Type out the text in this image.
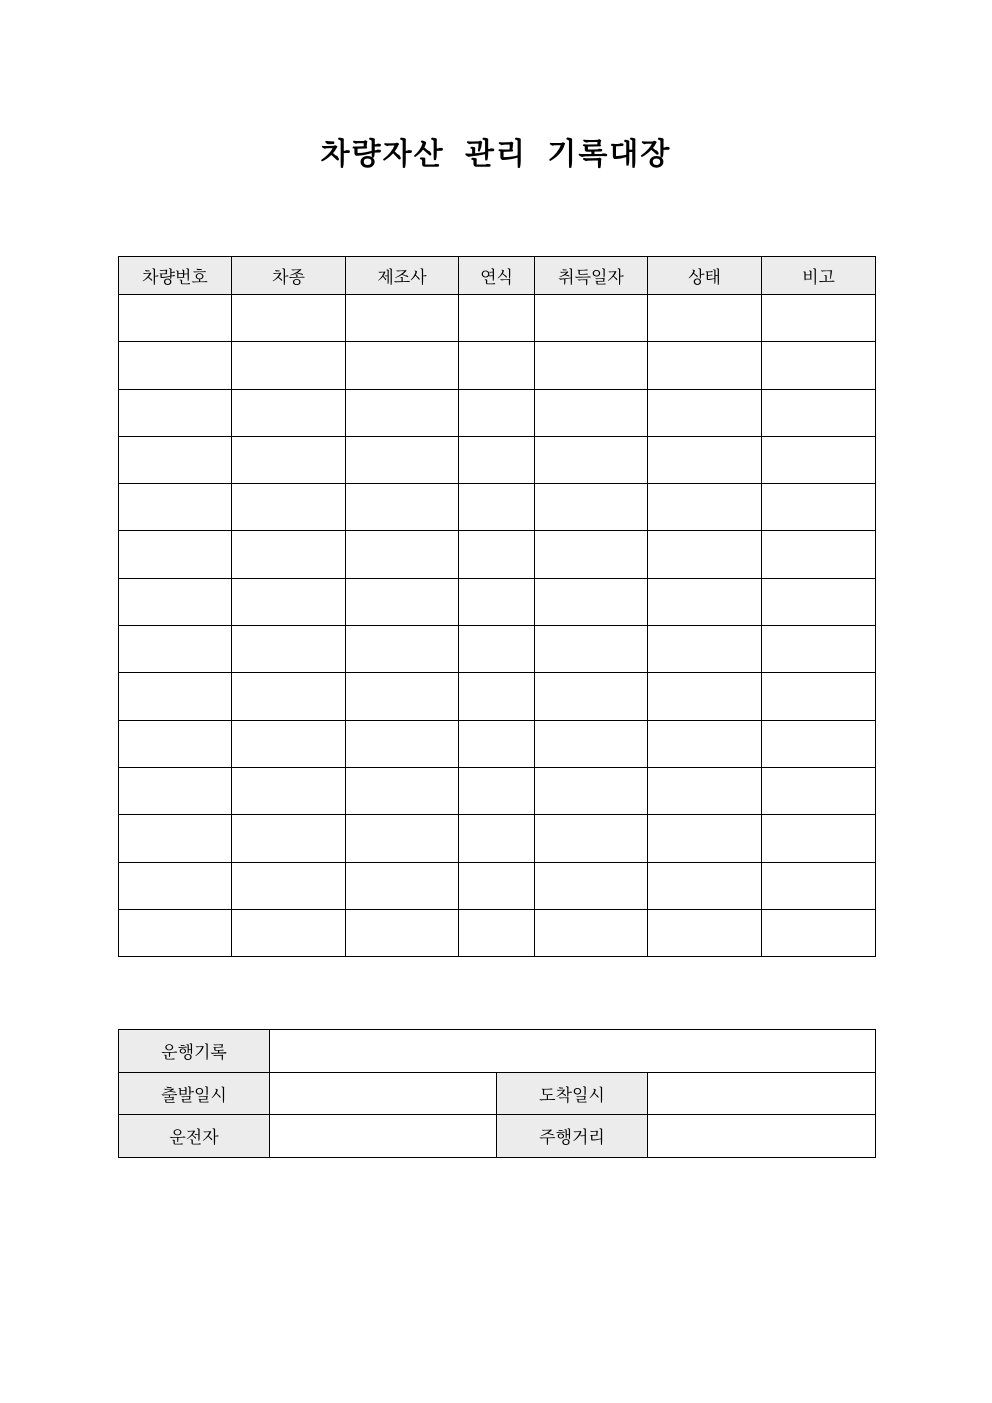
차량자산 관리 기록대장
차량번호	차종	제조사	연식	취득일자	상태	비고

운행기록			
출발일시		도착일시	
운전자		주행거리	
